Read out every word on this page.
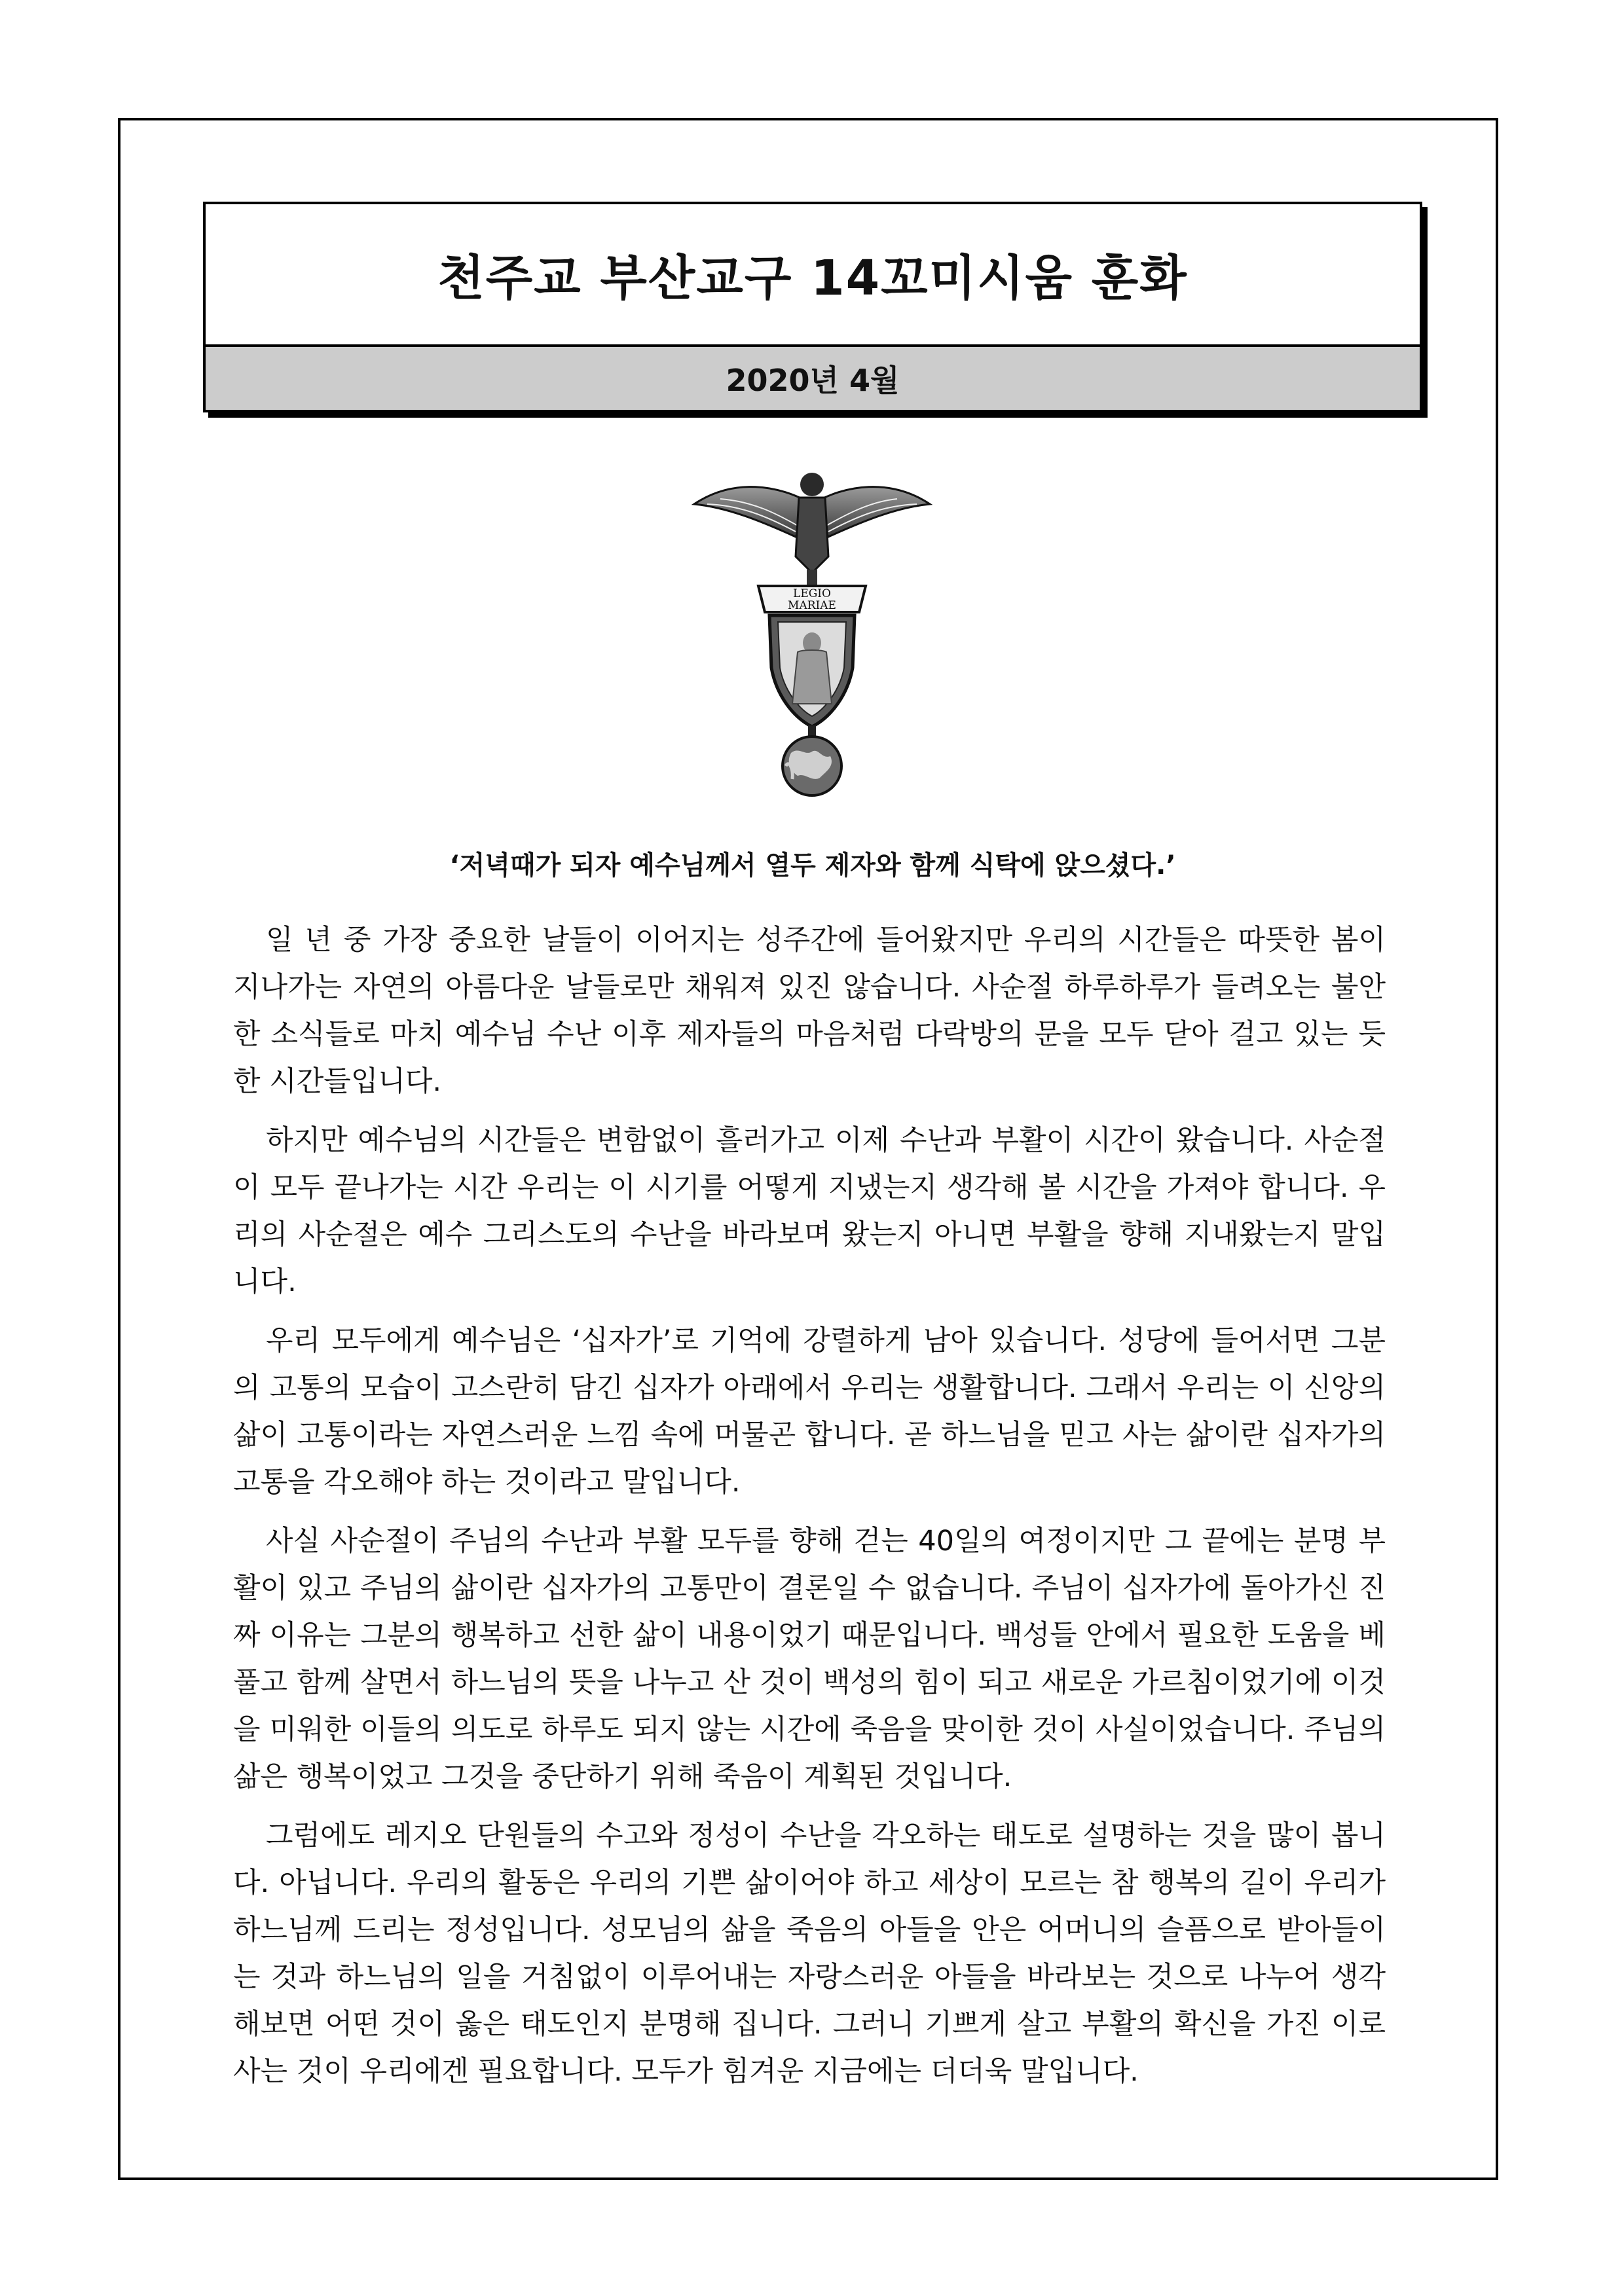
천주교 부산교구 14꼬미시움 훈화
2020년 4월
LEGIO
MARIAE
‘저녁때가 되자 예수님께서 열두 제자와 함께 식탁에 앉으셨다.’

일 년 중 가장 중요한 날들이 이어지는 성주간에 들어왔지만 우리의 시간들은 따뜻한 봄이 지나가는 자연의 아름다운 날들로만 채워져 있진 않습니다. 사순절 하루하루가 들려오는 불안한 소식들로 마치 예수님 수난 이후 제자들의 마음처럼 다락방의 문을 모두 닫아 걸고 있는 듯한 시간들입니다.

하지만 예수님의 시간들은 변함없이 흘러가고 이제 수난과 부활이 시간이 왔습니다. 사순절이 모두 끝나가는 시간 우리는 이 시기를 어떻게 지냈는지 생각해 볼 시간을 가져야 합니다. 우리의 사순절은 예수 그리스도의 수난을 바라보며 왔는지 아니면 부활을 향해 지내왔는지 말입니다.

우리 모두에게 예수님은 ‘십자가’로 기억에 강렬하게 남아 있습니다. 성당에 들어서면 그분의 고통의 모습이 고스란히 담긴 십자가 아래에서 우리는 생활합니다. 그래서 우리는 이 신앙의 삶이 고통이라는 자연스러운 느낌 속에 머물곤 합니다. 곧 하느님을 믿고 사는 삶이란 십자가의 고통을 각오해야 하는 것이라고 말입니다.

사실 사순절이 주님의 수난과 부활 모두를 향해 걷는 40일의 여정이지만 그 끝에는 분명 부활이 있고 주님의 삶이란 십자가의 고통만이 결론일 수 없습니다. 주님이 십자가에 돌아가신 진짜 이유는 그분의 행복하고 선한 삶이 내용이었기 때문입니다. 백성들 안에서 필요한 도움을 베풀고 함께 살면서 하느님의 뜻을 나누고 산 것이 백성의 힘이 되고 새로운 가르침이었기에 이것을 미워한 이들의 의도로 하루도 되지 않는 시간에 죽음을 맞이한 것이 사실이었습니다. 주님의 삶은 행복이었고 그것을 중단하기 위해 죽음이 계획된 것입니다.

그럼에도 레지오 단원들의 수고와 정성이 수난을 각오하는 태도로 설명하는 것을 많이 봅니다. 아닙니다. 우리의 활동은 우리의 기쁜 삶이어야 하고 세상이 모르는 참 행복의 길이 우리가 하느님께 드리는 정성입니다. 성모님의 삶을 죽음의 아들을 안은 어머니의 슬픔으로 받아들이는 것과 하느님의 일을 거침없이 이루어내는 자랑스러운 아들을 바라보는 것으로 나누어 생각해보면 어떤 것이 옳은 태도인지 분명해 집니다. 그러니 기쁘게 살고 부활의 확신을 가진 이로 사는 것이 우리에겐 필요합니다. 모두가 힘겨운 지금에는 더더욱 말입니다.
